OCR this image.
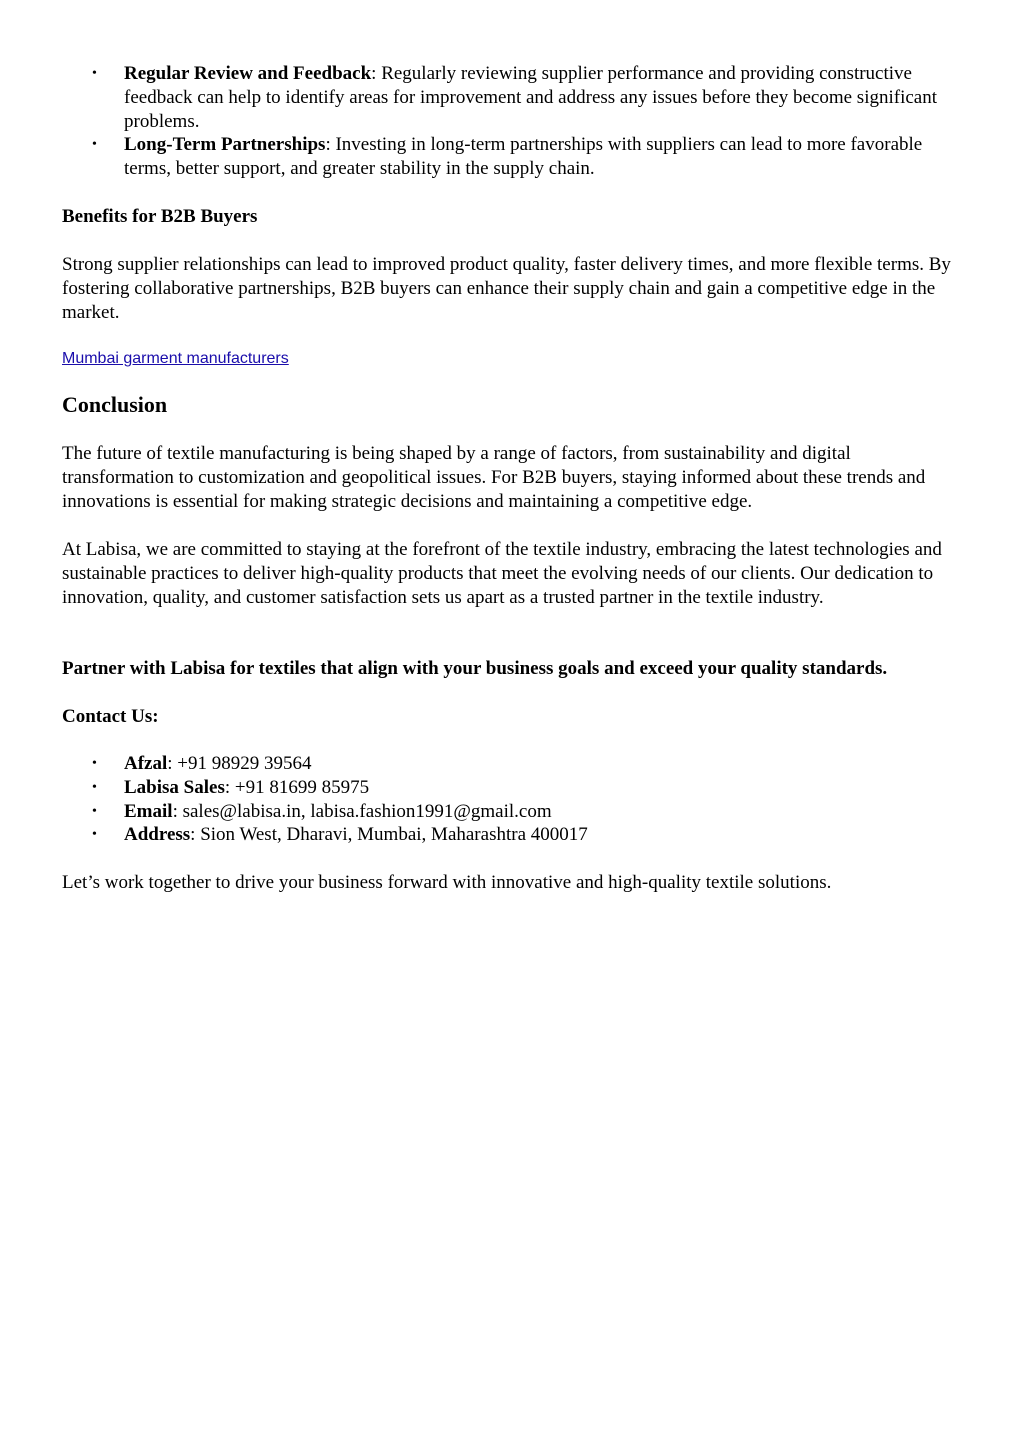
• Regular Review and Feedback: Regularly reviewing supplier performance and providing constructive feedback can help to identify areas for improvement and address any issues before they become significant problems.
• Long-Term Partnerships: Investing in long-term partnerships with suppliers can lead to more favorable terms, better support, and greater stability in the supply chain.
Benefits for B2B Buyers

Strong supplier relationships can lead to improved product quality, faster delivery times, and more flexible terms. By fostering collaborative partnerships, B2B buyers can enhance their supply chain and gain a competitive edge in the market.

Mumbai garment manufacturers
Conclusion

The future of textile manufacturing is being shaped by a range of factors, from sustainability and digital transformation to customization and geopolitical issues. For B2B buyers, staying informed about these trends and innovations is essential for making strategic decisions and maintaining a competitive edge.

At Labisa, we are committed to staying at the forefront of the textile industry, embracing the latest technologies and sustainable practices to deliver high-quality products that meet the evolving needs of our clients. Our dedication to innovation, quality, and customer satisfaction sets us apart as a trusted partner in the textile industry.

Partner with Labisa for textiles that align with your business goals and exceed your quality standards.

Contact Us:
• Afzal: +91 98929 39564
• Labisa Sales: +91 81699 85975
• Email: sales@labisa.in, labisa.fashion1991@gmail.com
• Address: Sion West, Dharavi, Mumbai, Maharashtra 400017

Let’s work together to drive your business forward with innovative and high-quality textile solutions.
